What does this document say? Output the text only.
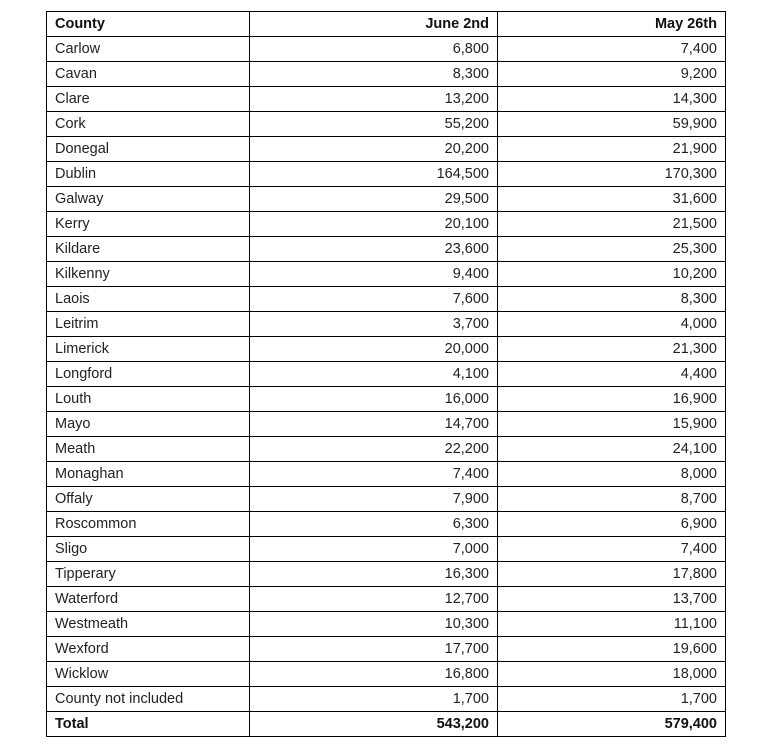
County	June 2nd	May 26th
Carlow	6,800	7,400
Cavan	8,300	9,200
Clare	13,200	14,300
Cork	55,200	59,900
Donegal	20,200	21,900
Dublin	164,500	170,300
Galway	29,500	31,600
Kerry	20,100	21,500
Kildare	23,600	25,300
Kilkenny	9,400	10,200
Laois	7,600	8,300
Leitrim	3,700	4,000
Limerick	20,000	21,300
Longford	4,100	4,400
Louth	16,000	16,900
Mayo	14,700	15,900
Meath	22,200	24,100
Monaghan	7,400	8,000
Offaly	7,900	8,700
Roscommon	6,300	6,900
Sligo	7,000	7,400
Tipperary	16,300	17,800
Waterford	12,700	13,700
Westmeath	10,300	11,100
Wexford	17,700	19,600
Wicklow	16,800	18,000
County not included	1,700	1,700
Total	543,200	579,400
